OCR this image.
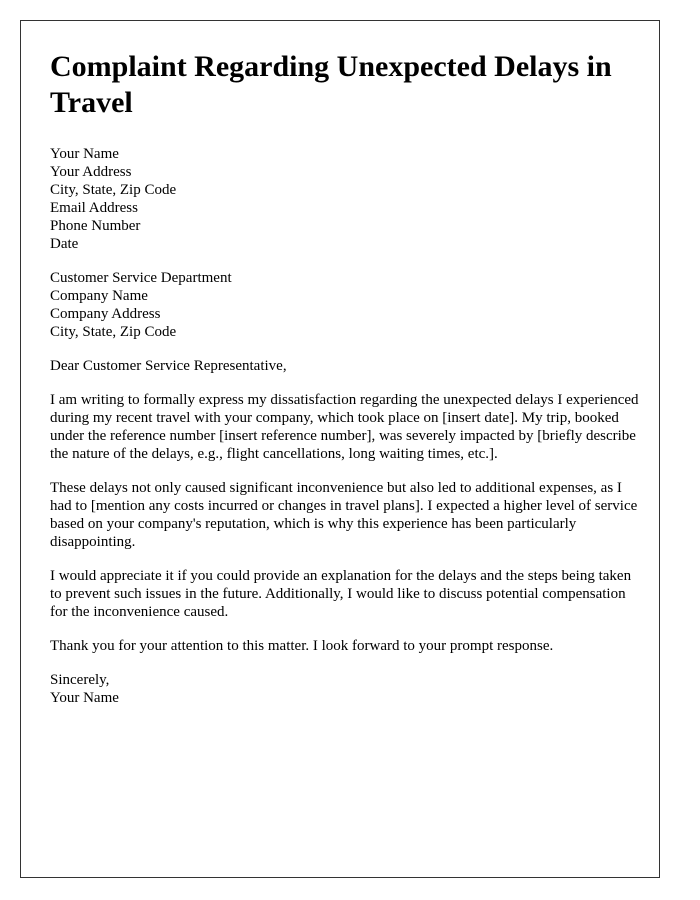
Complaint Regarding Unexpected Delays in Travel
Your Name
Your Address
City, State, Zip Code
Email Address
Phone Number
Date
Customer Service Department
Company Name
Company Address
City, State, Zip Code

Dear Customer Service Representative,

I am writing to formally express my dissatisfaction regarding the unexpected delays I experienced during my recent travel with your company, which took place on [insert date]. My trip, booked under the reference number [insert reference number], was severely impacted by [briefly describe the nature of the delays, e.g., flight cancellations, long waiting times, etc.].

These delays not only caused significant inconvenience but also led to additional expenses, as I had to [mention any costs incurred or changes in travel plans]. I expected a higher level of service based on your company's reputation, which is why this experience has been particularly disappointing.

I would appreciate it if you could provide an explanation for the delays and the steps being taken to prevent such issues in the future. Additionally, I would like to discuss potential compensation for the inconvenience caused.

Thank you for your attention to this matter. I look forward to your prompt response.

Sincerely,
Your Name
